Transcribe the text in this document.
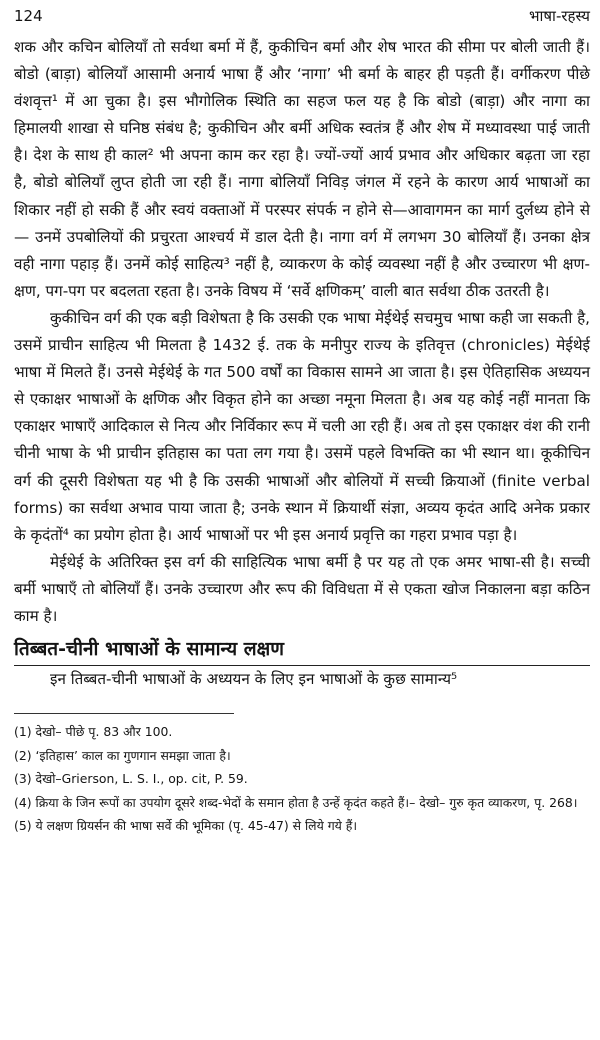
124	भाषा-रहस्य

शक और कचिन बोलियाँ तो सर्वथा बर्मा में हैं, कुकीचिन बर्मा और शेष भारत की सीमा पर बोली जाती हैं। बोडो (बाड़ा) बोलियाँ आसामी अनार्य भाषा हैं और ‘नागा’ भी बर्मा के बाहर ही पड़ती हैं। वर्गीकरण पीछे वंशवृत्त¹ में आ चुका है। इस भौगोलिक स्थिति का सहज फल यह है कि बोडो (बाड़ा) और नागा का हिमालयी शाखा से घनिष्ठ संबंध है; कुकीचिन और बर्मी अधिक स्वतंत्र हैं और शेष में मध्यावस्था पाई जाती है। देश के साथ ही काल² भी अपना काम कर रहा है। ज्यों-ज्यों आर्य प्रभाव और अधिकार बढ़ता जा रहा है, बोडो बोलियाँ लुप्त होती जा रही हैं। नागा बोलियाँ निविड़ जंगल में रहने के कारण आर्य भाषाओं का शिकार नहीं हो सकी हैं और स्वयं वक्ताओं में परस्पर संपर्क न होने से—आवागमन का मार्ग दुर्लध्य होने से— उनमें उपबोलियों की प्रचुरता आश्चर्य में डाल देती है। नागा वर्ग में लगभग 30 बोलियाँ हैं। उनका क्षेत्र वही नागा पहाड़ हैं। उनमें कोई साहित्य³ नहीं है, व्याकरण के कोई व्यवस्था नहीं है और उच्चारण भी क्षण-क्षण, पग-पग पर बदलता रहता है। उनके विषय में ‘सर्वे क्षणिकम्’ वाली बात सर्वथा ठीक उतरती है।

कुकीचिन वर्ग की एक बड़ी विशेषता है कि उसकी एक भाषा मेईथेई सचमुच भाषा कही जा सकती है, उसमें प्राचीन साहित्य भी मिलता है 1432 ई. तक के मनीपुर राज्य के इतिवृत्त (chronicles) मेईथेई भाषा में मिलते हैं। उनसे मेईथेई के गत 500 वर्षों का विकास सामने आ जाता है। इस ऐतिहासिक अध्ययन से एकाक्षर भाषाओं के क्षणिक और विकृत होने का अच्छा नमूना मिलता है। अब यह कोई नहीं मानता कि एकाक्षर भाषाएँ आदिकाल से नित्य और निर्विकार रूप में चली आ रही हैं। अब तो इस एकाक्षर वंश की रानी चीनी भाषा के भी प्राचीन इतिहास का पता लग गया है। उसमें पहले विभक्ति का भी स्थान था। कूकीचिन वर्ग की दूसरी विशेषता यह भी है कि उसकी भाषाओं और बोलियों में सच्ची क्रियाओं (finite verbal forms) का सर्वथा अभाव पाया जाता है; उनके स्थान में क्रियार्थी संज्ञा, अव्यय कृदंत आदि अनेक प्रकार के कृदंतों⁴ का प्रयोग होता है। आर्य भाषाओं पर भी इस अनार्य प्रवृत्ति का गहरा प्रभाव पड़ा है।

मेईथेई के अतिरिक्त इस वर्ग की साहित्यिक भाषा बर्मी है पर यह तो एक अमर भाषा-सी है। सच्ची बर्मी भाषाएँ तो बोलियाँ हैं। उनके उच्चारण और रूप की विविधता में से एकता खोज निकालना बड़ा कठिन काम है।

तिब्बत-चीनी भाषाओं के सामान्य लक्षण

इन तिब्बत-चीनी भाषाओं के अध्ययन के लिए इन भाषाओं के कुछ सामान्य⁵

(1) देखो– पीछे पृ. 83 और 100.
(2) ‘इतिहास’ काल का गुणगान समझा जाता है।
(3) देखो–Grierson, L. S. I., op. cit, P. 59.
(4) क्रिया के जिन रूपों का उपयोग दूसरे शब्द-भेदों के समान होता है उन्हें कृदंत कहते हैं।– देखो– गुरु कृत व्याकरण, पृ. 268।
(5) ये लक्षण ग्रियर्सन की भाषा सर्वे की भूमिका (पृ. 45-47) से लिये गये हैं।
